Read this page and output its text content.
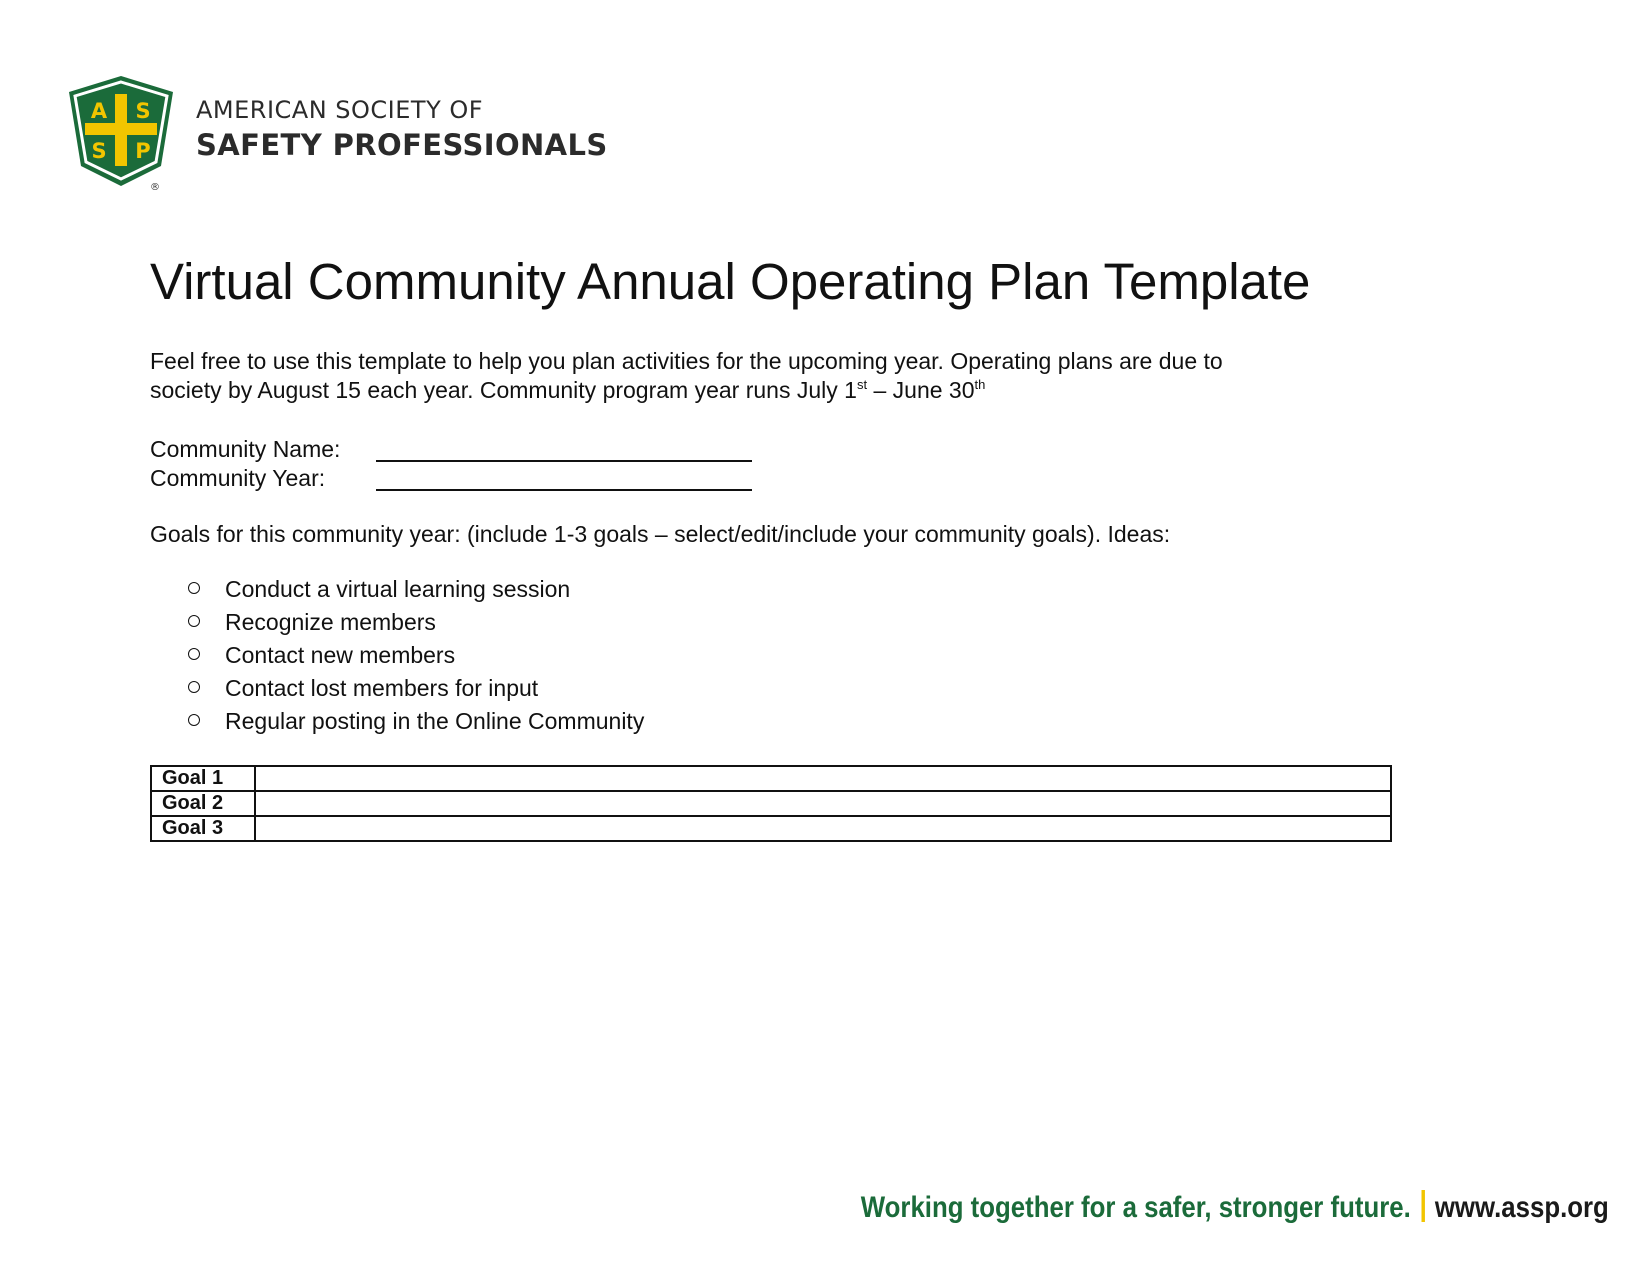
A S
S P
®
AMERICAN SOCIETY OF
SAFETY PROFESSIONALS
Virtual Community Annual Operating Plan Template
Feel free to use this template to help you plan activities for the upcoming year. Operating plans are due to
society by August 15 each year. Community program year runs July 1st – June 30th
Community Name:
Community Year:
Goals for this community year: (include 1-3 goals – select/edit/include your community goals). Ideas:
Conduct a virtual learning session
Recognize members
Contact new members
Contact lost members for input
Regular posting in the Online Community
Goal 1	
Goal 2	
Goal 3	
Working together for a safer, stronger future. www.assp.org
